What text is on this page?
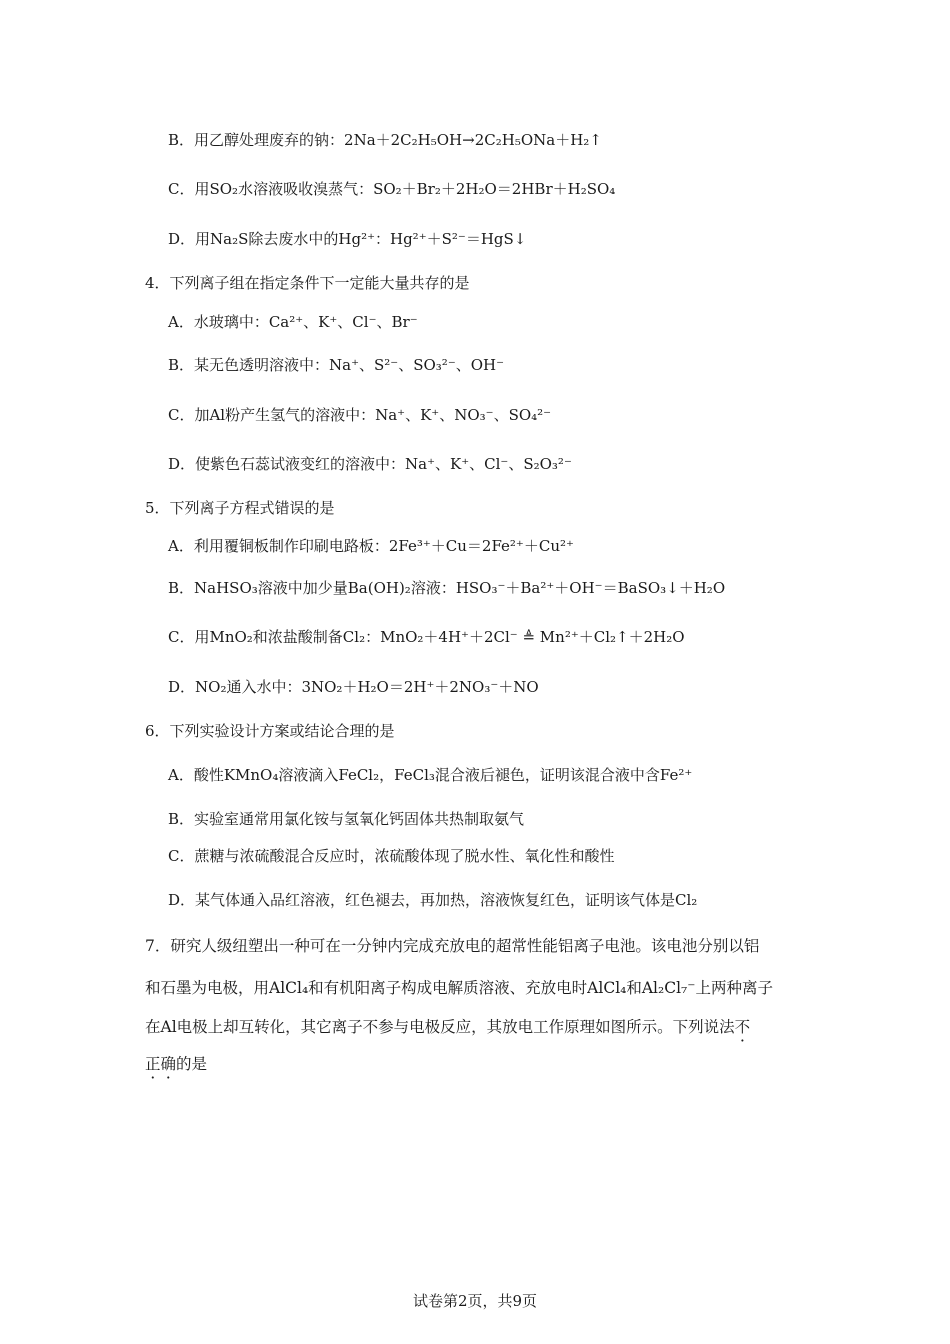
B．用乙醇处理废弃的钠：2Na＋2C₂H₅OH→2C₂H₅ONa＋H₂↑
C．用SO₂水溶液吸收溴蒸气：SO₂＋Br₂＋2H₂O＝2HBr＋H₂SO₄
D．用Na₂S除去废水中的Hg²⁺：Hg²⁺＋S²⁻＝HgS↓
4．下列离子组在指定条件下一定能大量共存的是
A．水玻璃中：Ca²⁺、K⁺、Cl⁻、Br⁻
B．某无色透明溶液中：Na⁺、S²⁻、SO₃²⁻、OH⁻
C．加Al粉产生氢气的溶液中：Na⁺、K⁺、NO₃⁻、SO₄²⁻
D．使紫色石蕊试液变红的溶液中：Na⁺、K⁺、Cl⁻、S₂O₃²⁻
5．下列离子方程式错误的是
A．利用覆铜板制作印刷电路板：2Fe³⁺＋Cu＝2Fe²⁺＋Cu²⁺
B．NaHSO₃溶液中加少量Ba(OH)₂溶液：HSO₃⁻＋Ba²⁺＋OH⁻＝BaSO₃↓＋H₂O
C．用MnO₂和浓盐酸制备Cl₂：MnO₂＋4H⁺＋2Cl⁻ ≜ Mn²⁺＋Cl₂↑＋2H₂O
D．NO₂通入水中：3NO₂＋H₂O＝2H⁺＋2NO₃⁻＋NO
6．下列实验设计方案或结论合理的是
A．酸性KMnO₄溶液滴入FeCl₂，FeCl₃混合液后褪色，证明该混合液中含Fe²⁺
B．实验室通常用氯化铵与氢氧化钙固体共热制取氨气
C．蔗糖与浓硫酸混合反应时，浓硫酸体现了脱水性、氧化性和酸性
D．某气体通入品红溶液，红色褪去，再加热，溶液恢复红色，证明该气体是Cl₂
7．研究人级纽塑出一种可在一分钟内完成充放电的超常性能铝离子电池。该电池分别以铝
和石墨为电极，用AlCl₄和有机阳离子构成电解质溶液、充放电时AlCl₄和Al₂Cl₇⁻上两种离子
在Al电极上却互转化，其它离子不参与电极反应，其放电工作原理如图所示。下列说法不
正确的是
试卷第2页，共9页
